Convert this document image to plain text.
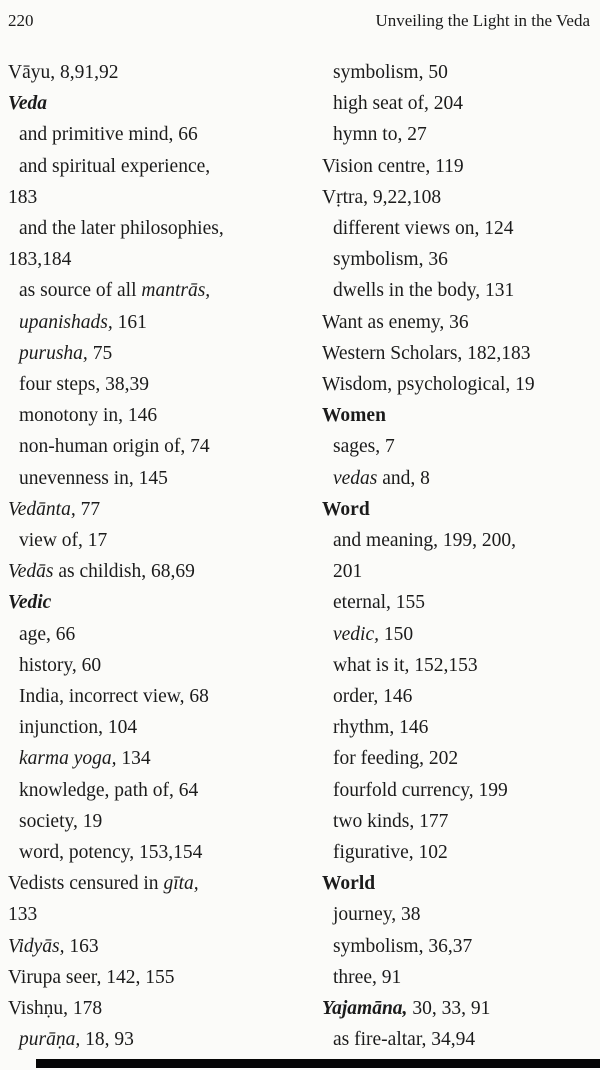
220	Unveiling the Light in the Veda
Vāyu, 8,91,92
Veda
and primitive mind, 66
and spiritual experience,
183
and the later philosophies,
183,184
as source of all mantrās,
upanishads, 161
purusha, 75
four steps, 38,39
monotony in, 146
non-human origin of, 74
unevenness in, 145
Vedānta, 77
view of, 17
Vedās as childish, 68,69
Vedic
age, 66
history, 60
India, incorrect view, 68
injunction, 104
karma yoga, 134
knowledge, path of, 64
society, 19
word, potency, 153,154
Vedists censured in gīta,
133
Vidyās, 163
Virupa seer, 142, 155
Vishṇu, 178
purāṇa, 18, 93
symbolism, 50
high seat of, 204
hymn to, 27
Vision centre, 119
Vṛtra, 9,22,108
different views on, 124
symbolism, 36
dwells in the body, 131
Want as enemy, 36
Western Scholars, 182,183
Wisdom, psychological, 19
Women
sages, 7
vedas and, 8
Word
and meaning, 199, 200,
201
eternal, 155
vedic, 150
what is it, 152,153
order, 146
rhythm, 146
for feeding, 202
fourfold currency, 199
two kinds, 177
figurative, 102
World
journey, 38
symbolism, 36,37
three, 91
Yajamāna, 30, 33, 91
as fire-altar, 34,94
